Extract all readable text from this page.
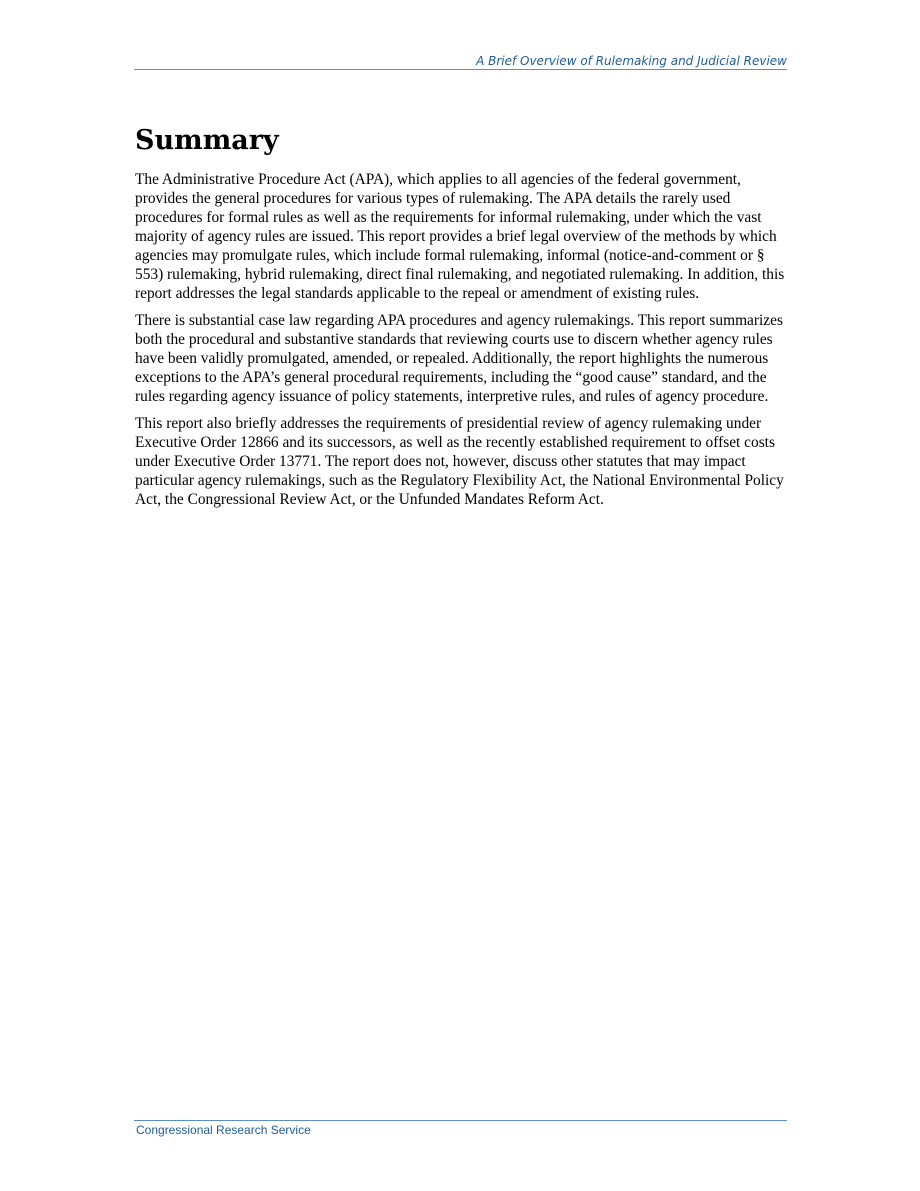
A Brief Overview of Rulemaking and Judicial Review
Summary

The Administrative Procedure Act (APA), which applies to all agencies of the federal government, provides the general procedures for various types of rulemaking. The APA details the rarely used procedures for formal rules as well as the requirements for informal rulemaking, under which the vast majority of agency rules are issued. This report provides a brief legal overview of the methods by which agencies may promulgate rules, which include formal rulemaking, informal (notice-and-comment or § 553) rulemaking, hybrid rulemaking, direct final rulemaking, and negotiated rulemaking. In addition, this report addresses the legal standards applicable to the repeal or amendment of existing rules.

There is substantial case law regarding APA procedures and agency rulemakings. This report summarizes both the procedural and substantive standards that reviewing courts use to discern whether agency rules have been validly promulgated, amended, or repealed. Additionally, the report highlights the numerous exceptions to the APA’s general procedural requirements, including the “good cause” standard, and the rules regarding agency issuance of policy statements, interpretive rules, and rules of agency procedure.

This report also briefly addresses the requirements of presidential review of agency rulemaking under Executive Order 12866 and its successors, as well as the recently established requirement to offset costs under Executive Order 13771. The report does not, however, discuss other statutes that may impact particular agency rulemakings, such as the Regulatory Flexibility Act, the National Environmental Policy Act, the Congressional Review Act, or the Unfunded Mandates Reform Act.

Congressional Research Service
